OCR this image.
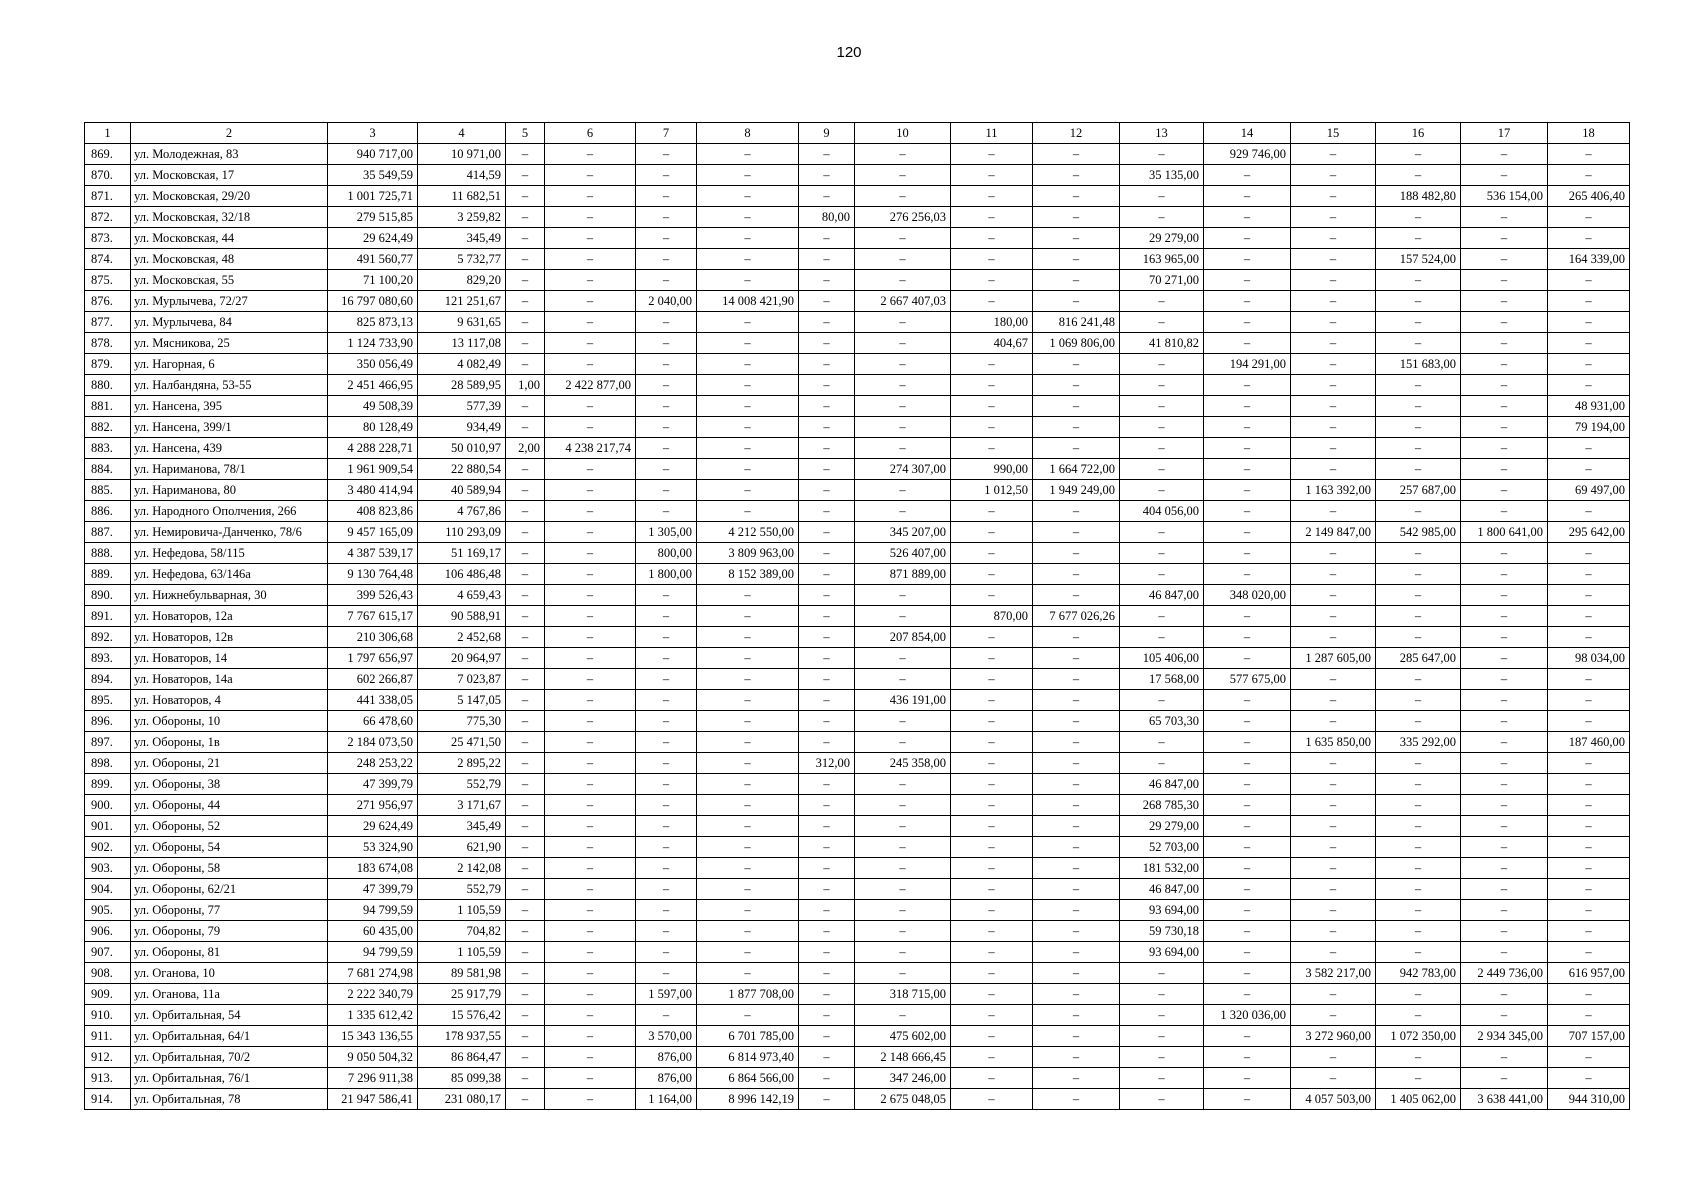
120
1	2	3	4	5	6	7	8	9	10	11	12	13	14	15	16	17	18
869.	ул. Молодежная, 83	940 717,00	10 971,00	–	–	–	–	–	–	–	–	–	929 746,00	–	–	–	–
870.	ул. Московская, 17	35 549,59	414,59	–	–	–	–	–	–	–	–	35 135,00	–	–	–	–	–
871.	ул. Московская, 29/20	1 001 725,71	11 682,51	–	–	–	–	–	–	–	–	–	–	–	188 482,80	536 154,00	265 406,40
872.	ул. Московская, 32/18	279 515,85	3 259,82	–	–	–	–	80,00	276 256,03	–	–	–	–	–	–	–	–
873.	ул. Московская, 44	29 624,49	345,49	–	–	–	–	–	–	–	–	29 279,00	–	–	–	–	–
874.	ул. Московская, 48	491 560,77	5 732,77	–	–	–	–	–	–	–	–	163 965,00	–	–	157 524,00	–	164 339,00
875.	ул. Московская, 55	71 100,20	829,20	–	–	–	–	–	–	–	–	70 271,00	–	–	–	–	–
876.	ул. Мурлычева, 72/27	16 797 080,60	121 251,67	–	–	2 040,00	14 008 421,90	–	2 667 407,03	–	–	–	–	–	–	–	–
877.	ул. Мурлычева, 84	825 873,13	9 631,65	–	–	–	–	–	–	180,00	816 241,48	–	–	–	–	–	–
878.	ул. Мясникова, 25	1 124 733,90	13 117,08	–	–	–	–	–	–	404,67	1 069 806,00	41 810,82	–	–	–	–	–
879.	ул. Нагорная, 6	350 056,49	4 082,49	–	–	–	–	–	–	–	–	–	194 291,00	–	151 683,00	–	–
880.	ул. Налбандяна, 53-55	2 451 466,95	28 589,95	1,00	2 422 877,00	–	–	–	–	–	–	–	–	–	–	–	–
881.	ул. Нансена, 395	49 508,39	577,39	–	–	–	–	–	–	–	–	–	–	–	–	–	48 931,00
882.	ул. Нансена, 399/1	80 128,49	934,49	–	–	–	–	–	–	–	–	–	–	–	–	–	79 194,00
883.	ул. Нансена, 439	4 288 228,71	50 010,97	2,00	4 238 217,74	–	–	–	–	–	–	–	–	–	–	–	–
884.	ул. Нариманова, 78/1	1 961 909,54	22 880,54	–	–	–	–	–	274 307,00	990,00	1 664 722,00	–	–	–	–	–	–
885.	ул. Нариманова, 80	3 480 414,94	40 589,94	–	–	–	–	–	–	1 012,50	1 949 249,00	–	–	1 163 392,00	257 687,00	–	69 497,00
886.	ул. Народного Ополчения, 266	408 823,86	4 767,86	–	–	–	–	–	–	–	–	404 056,00	–	–	–	–	–
887.	ул. Немировича-Данченко, 78/6	9 457 165,09	110 293,09	–	–	1 305,00	4 212 550,00	–	345 207,00	–	–	–	–	2 149 847,00	542 985,00	1 800 641,00	295 642,00
888.	ул. Нефедова, 58/115	4 387 539,17	51 169,17	–	–	800,00	3 809 963,00	–	526 407,00	–	–	–	–	–	–	–	–
889.	ул. Нефедова, 63/146а	9 130 764,48	106 486,48	–	–	1 800,00	8 152 389,00	–	871 889,00	–	–	–	–	–	–	–	–
890.	ул. Нижнебульварная, 30	399 526,43	4 659,43	–	–	–	–	–	–	–	–	46 847,00	348 020,00	–	–	–	–
891.	ул. Новаторов, 12а	7 767 615,17	90 588,91	–	–	–	–	–	–	870,00	7 677 026,26	–	–	–	–	–	–
892.	ул. Новаторов, 12в	210 306,68	2 452,68	–	–	–	–	–	207 854,00	–	–	–	–	–	–	–	–
893.	ул. Новаторов, 14	1 797 656,97	20 964,97	–	–	–	–	–	–	–	–	105 406,00	–	1 287 605,00	285 647,00	–	98 034,00
894.	ул. Новаторов, 14а	602 266,87	7 023,87	–	–	–	–	–	–	–	–	17 568,00	577 675,00	–	–	–	–
895.	ул. Новаторов, 4	441 338,05	5 147,05	–	–	–	–	–	436 191,00	–	–	–	–	–	–	–	–
896.	ул. Обороны, 10	66 478,60	775,30	–	–	–	–	–	–	–	–	65 703,30	–	–	–	–	–
897.	ул. Обороны, 1в	2 184 073,50	25 471,50	–	–	–	–	–	–	–	–	–	–	1 635 850,00	335 292,00	–	187 460,00
898.	ул. Обороны, 21	248 253,22	2 895,22	–	–	–	–	312,00	245 358,00	–	–	–	–	–	–	–	–
899.	ул. Обороны, 38	47 399,79	552,79	–	–	–	–	–	–	–	–	46 847,00	–	–	–	–	–
900.	ул. Обороны, 44	271 956,97	3 171,67	–	–	–	–	–	–	–	–	268 785,30	–	–	–	–	–
901.	ул. Обороны, 52	29 624,49	345,49	–	–	–	–	–	–	–	–	29 279,00	–	–	–	–	–
902.	ул. Обороны, 54	53 324,90	621,90	–	–	–	–	–	–	–	–	52 703,00	–	–	–	–	–
903.	ул. Обороны, 58	183 674,08	2 142,08	–	–	–	–	–	–	–	–	181 532,00	–	–	–	–	–
904.	ул. Обороны, 62/21	47 399,79	552,79	–	–	–	–	–	–	–	–	46 847,00	–	–	–	–	–
905.	ул. Обороны, 77	94 799,59	1 105,59	–	–	–	–	–	–	–	–	93 694,00	–	–	–	–	–
906.	ул. Обороны, 79	60 435,00	704,82	–	–	–	–	–	–	–	–	59 730,18	–	–	–	–	–
907.	ул. Обороны, 81	94 799,59	1 105,59	–	–	–	–	–	–	–	–	93 694,00	–	–	–	–	–
908.	ул. Оганова, 10	7 681 274,98	89 581,98	–	–	–	–	–	–	–	–	–	–	3 582 217,00	942 783,00	2 449 736,00	616 957,00
909.	ул. Оганова, 11а	2 222 340,79	25 917,79	–	–	1 597,00	1 877 708,00	–	318 715,00	–	–	–	–	–	–	–	–
910.	ул. Орбитальная, 54	1 335 612,42	15 576,42	–	–	–	–	–	–	–	–	–	1 320 036,00	–	–	–	–
911.	ул. Орбитальная, 64/1	15 343 136,55	178 937,55	–	–	3 570,00	6 701 785,00	–	475 602,00	–	–	–	–	3 272 960,00	1 072 350,00	2 934 345,00	707 157,00
912.	ул. Орбитальная, 70/2	9 050 504,32	86 864,47	–	–	876,00	6 814 973,40	–	2 148 666,45	–	–	–	–	–	–	–	–
913.	ул. Орбитальная, 76/1	7 296 911,38	85 099,38	–	–	876,00	6 864 566,00	–	347 246,00	–	–	–	–	–	–	–	–
914.	ул. Орбитальная, 78	21 947 586,41	231 080,17	–	–	1 164,00	8 996 142,19	–	2 675 048,05	–	–	–	–	4 057 503,00	1 405 062,00	3 638 441,00	944 310,00
